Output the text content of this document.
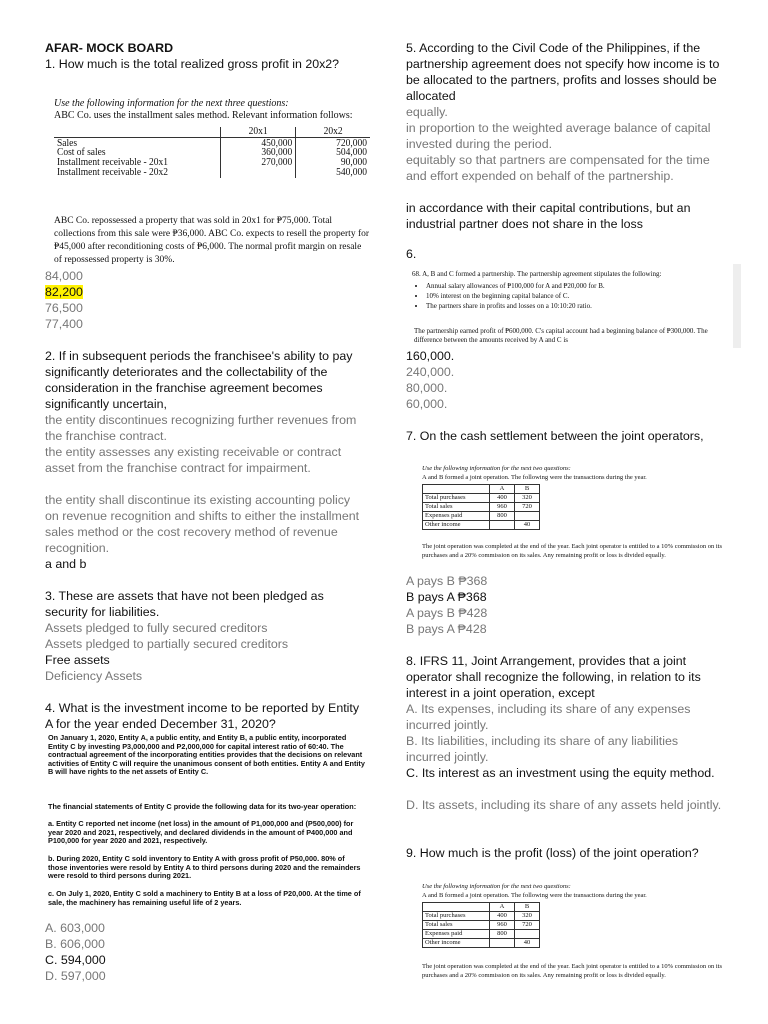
AFAR- MOCK BOARD
1. How much is the total realized gross profit in 20x2?
Use the following information for the next three questions:
ABC Co. uses the installment sales method. Relevant information follows:
	20x1	20x2
Sales	450,000	720,000
Cost of sales	360,000	504,000
Installment receivable - 20x1	270,000	90,000
Installment receivable - 20x2		540,000
ABC Co. repossessed a property that was sold in 20x1 for ₱75,000. Total collections from this sale were ₱36,000. ABC Co. expects to resell the property for ₱45,000 after reconditioning costs of ₱6,000. The normal profit margin on resale of repossessed property is 30%.
84,000
82,200
76,500
77,400
2. If in subsequent periods the franchisee's ability to pay significantly deteriorates and the collectability of the consideration in the franchise agreement becomes significantly uncertain,
the entity discontinues recognizing further revenues from the franchise contract.
the entity assesses any existing receivable or contract asset from the franchise contract for impairment.
the entity shall discontinue its existing accounting policy on revenue recognition and shifts to either the installment sales method or the cost recovery method of revenue recognition.
a and b
3. These are assets that have not been pledged as security for liabilities.
Assets pledged to fully secured creditors
Assets pledged to partially secured creditors
Free assets
Deficiency Assets
4. What is the investment income to be reported by Entity A for the year ended December 31, 2020?
On January 1, 2020, Entity A, a public entity, and Entity B, a public entity, incorporated Entity C by investing P3,000,000 and P2,000,000 for capital interest ratio of 60:40. The contractual agreement of the incorporating entities provides that the decisions on relevant activities of Entity C will require the unanimous consent of both entities. Entity A and Entity B will have rights to the net assets of Entity C.
The financial statements of Entity C provide the following data for its two-year operation:
a. Entity C reported net income (net loss) in the amount of P1,000,000 and (P500,000) for year 2020 and 2021, respectively, and declared dividends in the amount of P400,000 and P100,000 for year 2020 and 2021, respectively.
b. During 2020, Entity C sold inventory to Entity A with gross profit of P50,000. 80% of those inventories were resold by Entity A to third persons during 2020 and the remainders were resold to third persons during 2021.
c. On July 1, 2020, Entity C sold a machinery to Entity B at a loss of P20,000. At the time of sale, the machinery has remaining useful life of 2 years.
A. 603,000
B. 606,000
C. 594,000
D. 597,000
5. According to the Civil Code of the Philippines, if the partnership agreement does not specify how income is to be allocated to the partners, profits and losses should be allocated
equally.
in proportion to the weighted average balance of capital invested during the period.
equitably so that partners are compensated for the time and effort expended on behalf of the partnership.
in accordance with their capital contributions, but an industrial partner does not share in the loss
6.
68. A, B and C formed a partnership. The partnership agreement stipulates the following:
• Annual salary allowances of ₱100,000 for A and ₱20,000 for B.
• 10% interest on the beginning capital balance of C.
• The partners share in profits and losses on a 10:10:20 ratio.
The partnership earned profit of ₱600,000. C's capital account had a beginning balance of ₱300,000. The difference between the amounts received by A and C is
160,000.
240,000.
80,000.
60,000.
7. On the cash settlement between the joint operators,
Use the following information for the next two questions:
A and B formed a joint operation. The following were the transactions during the year.
	A	B
Total purchases	400	320
Total sales	960	720
Expenses paid	800	
Other income		40
The joint operation was completed at the end of the year. Each joint operator is entitled to a 10% commission on its purchases and a 20% commission on its sales. Any remaining profit or loss is divided equally.
A pays B ₱368
B pays A ₱368
A pays B ₱428
B pays A ₱428
8. IFRS 11, Joint Arrangement, provides that a joint operator shall recognize the following, in relation to its interest in a joint operation, except
A. Its expenses, including its share of any expenses incurred jointly.
B. Its liabilities, including its share of any liabilities incurred jointly.
C. Its interest as an investment using the equity method.
D. Its assets, including its share of any assets held jointly.
9. How much is the profit (loss) of the joint operation?
Use the following information for the next two questions:
A and B formed a joint operation. The following were the transactions during the year.
	A	B
Total purchases	400	320
Total sales	960	720
Expenses paid	800	
Other income		40
The joint operation was completed at the end of the year. Each joint operator is entitled to a 10% commission on its purchases and a 20% commission on its sales. Any remaining profit or loss is divided equally.
